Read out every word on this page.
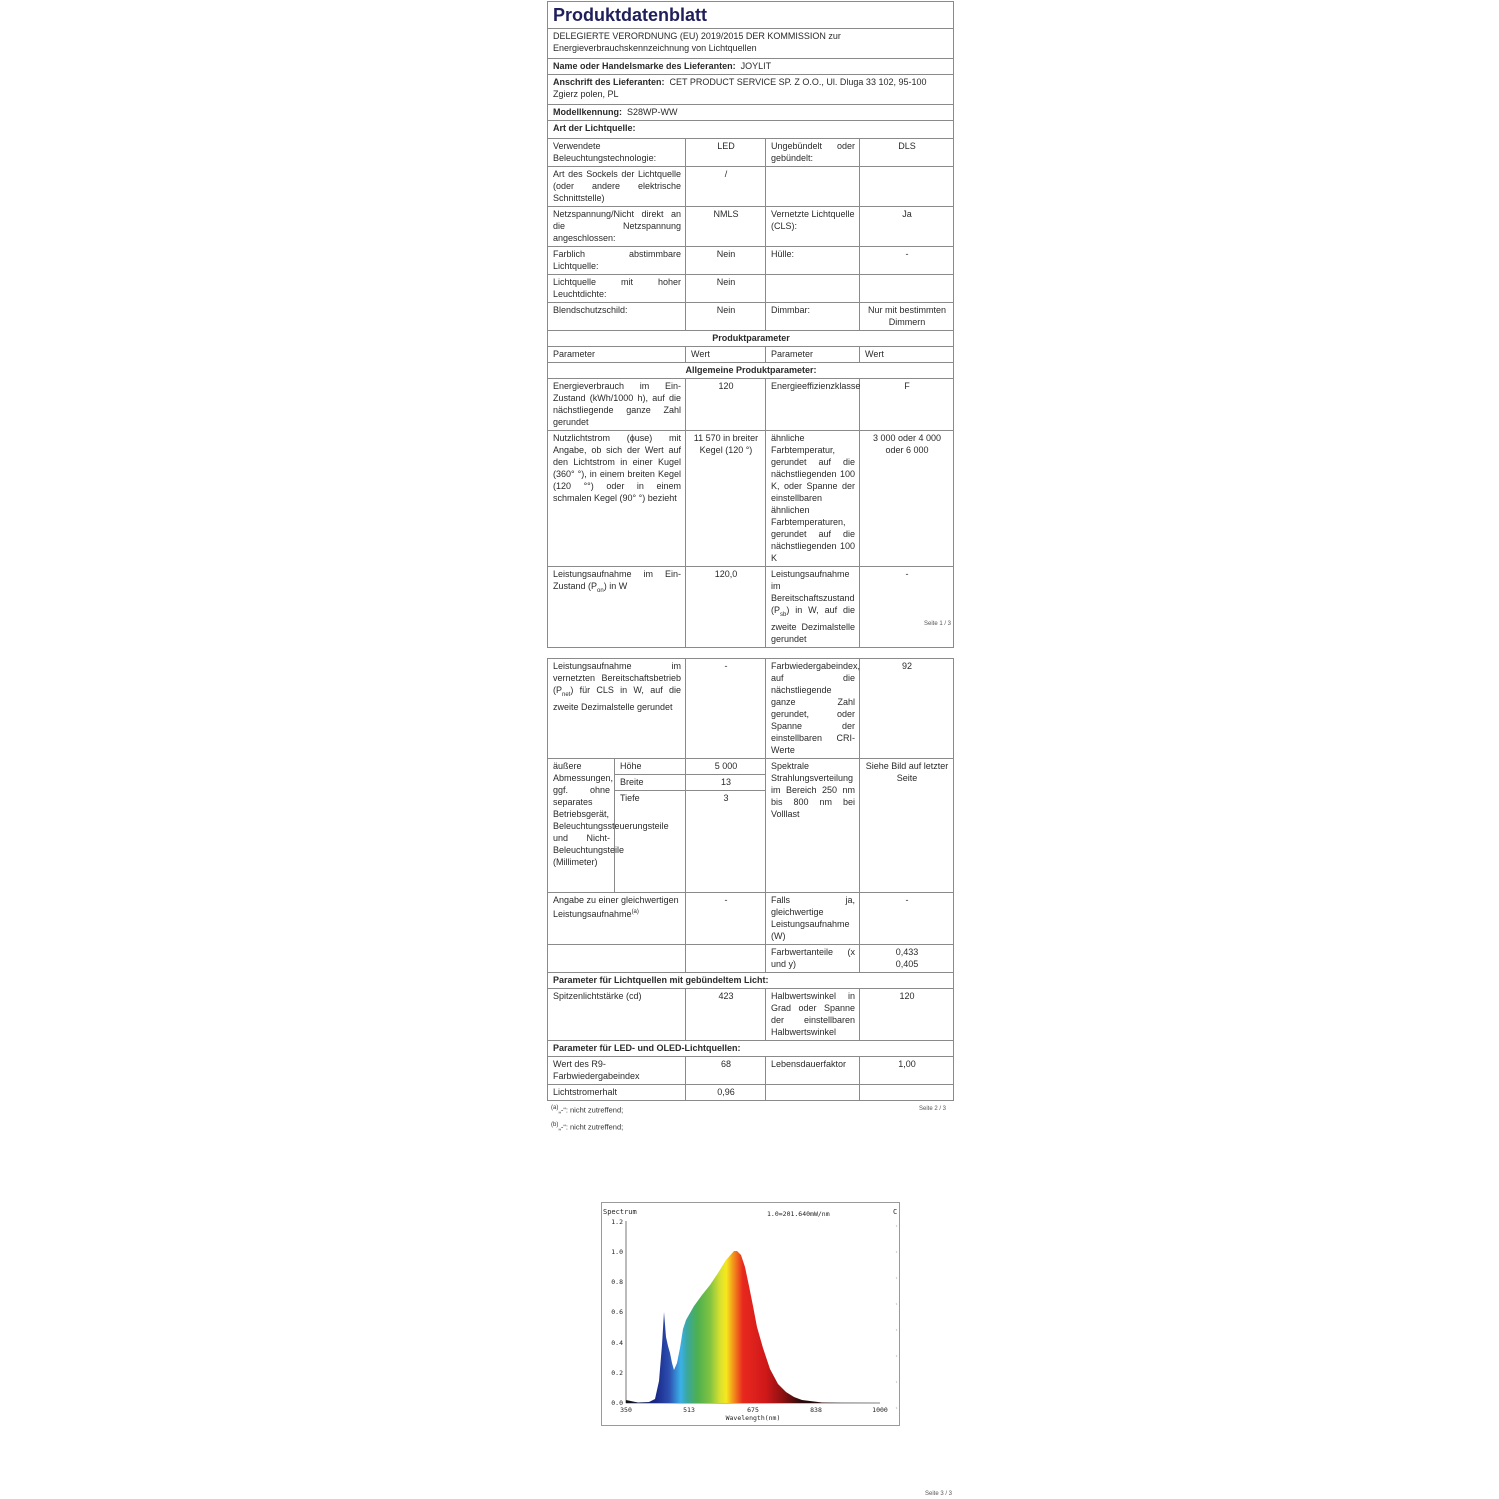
Produktdatenblatt			
DELEGIERTE VERORDNUNG (EU) 2019/2015 DER KOMMISSION zur Energieverbrauchskennzeichnung von Lichtquellen			
Name oder Handelsmarke des Lieferanten: JOYLIT			
Anschrift des Lieferanten: CET PRODUCT SERVICE SP. Z O.O., Ul. Dluga 33 102, 95-100 Zgierz polen, PL			
Modellkennung: S28WP-WW			
Art der Lichtquelle:			
Verwendete Beleuchtungstechnologie:	LED	Ungebündelt oder gebündelt:	DLS
Art des Sockels der Lichtquelle (oder andere elektrische Schnittstelle)	/		
Netzspannung/Nicht direkt an die Netzspannung angeschlossen:	NMLS	Vernetzte Lichtquelle (CLS):	Ja
Farblich abstimmbare Lichtquelle:	Nein	Hülle:	-
Lichtquelle mit hoher Leuchtdichte:	Nein		
Blendschutzschild:	Nein	Dimmbar:	Nur mit bestimmten Dimmern
Produktparameter			
Parameter	Wert	Parameter	Wert
Allgemeine Produktparameter:			
Energieverbrauch im Ein-Zustand (kWh/1000 h), auf die nächstliegende ganze Zahl gerundet	120	Energieeffizienzklasse	F
Nutzlichtstrom (ϕuse) mit Angabe, ob sich der Wert auf den Lichtstrom in einer Kugel (360° °), in einem breiten Kegel (120 °°) oder in einem schmalen Kegel (90° °) bezieht	11 570 in breiter Kegel (120 °)	ähnliche Farbtemperatur, gerundet auf die nächstliegenden 100 K, oder Spanne der einstellbaren ähnlichen Farbtemperaturen, gerundet auf die nächstliegenden 100 K	3 000 oder 4 000 oder 6 000
Leistungsaufnahme im Ein-Zustand $(P_{on})$ in W	120,0	Leistungsaufnahme im Bereitschaftszustand $(P_{sb})$ in W, auf die zweite Dezimalstelle gerundet	-
Seite 1 / 3
Leistungsaufnahme im vernetzten Bereitschaftsbetrieb $(P_{net})$ für CLS in W, auf die zweite Dezimalstelle gerundet		-	Farbwiedergabeindex, auf die nächstliegende ganze Zahl gerundet, oder Spanne der einstellbaren CRI-Werte	92
äußere Abmessungen, ggf. ohne separates Betriebsgerät, Beleuchtungssteuerungsteile und Nicht-Beleuchtungsteile (Millimeter)	Höhe	5 000	Spektrale Strahlungsverteilung im Bereich 250 nm bis 800 nm bei Volllast	Siehe Bild auf letzter Seite
	Breite	13		
	Tiefe	3		
Angabe zu einer gleichwertigen Leistungsaufnahme$^{(a)}$		-	Falls ja, gleichwertige Leistungsaufnahme (W)	-
			Farbwertanteile (x und y)	0,433
0,405

Parameter für Lichtquellen mit gebündeltem Licht:				
Spitzenlichtstärke (cd)		423	Halbwertswinkel in Grad oder Spanne der einstellbaren Halbwertswinkel	120
Parameter für LED- und OLED-Lichtquellen:				
Wert des R9-Farbwiedergabeindex		68	Lebensdauerfaktor	1,00
Lichtstromerhalt		0,96		
$^{(a)}$„-“: nicht zutreffend;
$^{(b)}$„-“: nicht zutreffend;
Seite 2 / 3
Spectrum	1.0=201.640mW/nm	C
0.0
0.2
0.4
0.6
0.8
1.0
1.2
350	513	675	838	1000
Wavelength(nm)
Seite 3 / 3
